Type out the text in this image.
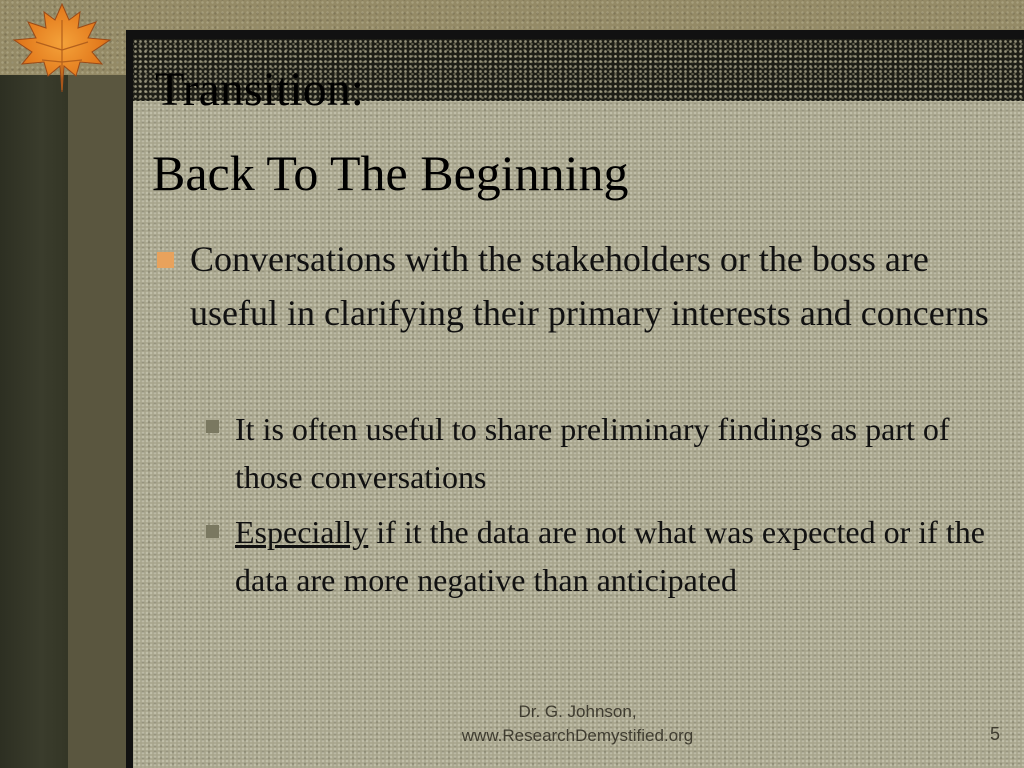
Transition:
Back To The Beginning
Conversations with the stakeholders or the boss are useful in clarifying their primary interests and concerns
It is often useful to share preliminary findings as part of those conversations
Especially if it the data are not what was expected or if the data are more negative than anticipated
Dr. G. Johnson,
www.ResearchDemystified.org	5
